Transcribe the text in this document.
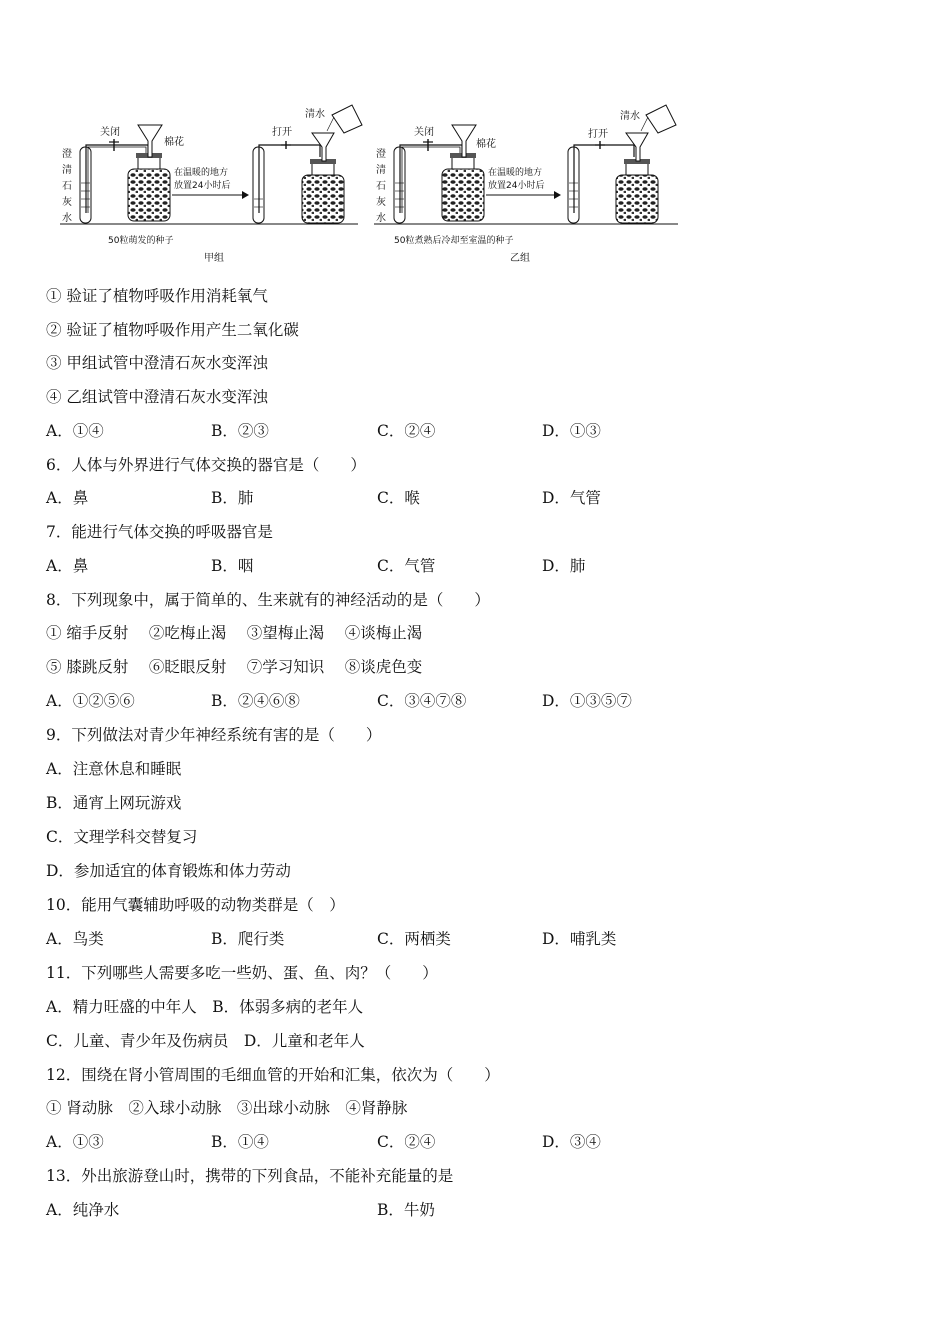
澄
清
石
灰
水
关闭
棉花
在温暖的地方
放置24小时后
打开
清水
50粒萌发的种子
甲组
澄
清
石
灰
水
关闭
棉花
在温暖的地方
放置24小时后
打开
清水
50粒煮熟后冷却至室温的种子
乙组
① 验证了植物呼吸作用消耗氧气
② 验证了植物呼吸作用产生二氧化碳
③ 甲组试管中澄清石灰水变浑浊
④ 乙组试管中澄清石灰水变浑浊
A．①④	B．②③	C．②④	D．①③
6．人体与外界进行气体交换的器官是（　　）
A．鼻	B．肺	C．喉	D．气管
7．能进行气体交换的呼吸器官是
A．鼻	B．咽	C．气管	D．肺
8．下列现象中，属于简单的、生来就有的神经活动的是（　　）
① 缩手反射　 ②吃梅止渴　 ③望梅止渴　 ④谈梅止渴
⑤ 膝跳反射　 ⑥眨眼反射　 ⑦学习知识　 ⑧谈虎色变
A．①②⑤⑥	B．②④⑥⑧	C．③④⑦⑧	D．①③⑤⑦
9．下列做法对青少年神经系统有害的是（　　）
A．注意休息和睡眠
B．通宵上网玩游戏
C．文理学科交替复习
D．参加适宜的体育锻炼和体力劳动
10．能用气囊辅助呼吸的动物类群是（　）
A．鸟类	B．爬行类	C．两栖类	D．哺乳类
11．下列哪些人需要多吃一些奶、蛋、鱼、肉？（　　）
A．精力旺盛的中年人　B．体弱多病的老年人
C．儿童、青少年及伤病员　D．儿童和老年人
12．围绕在肾小管周围的毛细血管的开始和汇集，依次为（　　）
① 肾动脉　②入球小动脉　③出球小动脉　④肾静脉
A．①③	B．①④	C．②④	D．③④
13．外出旅游登山时，携带的下列食品，不能补充能量的是
A．纯净水	B．牛奶
